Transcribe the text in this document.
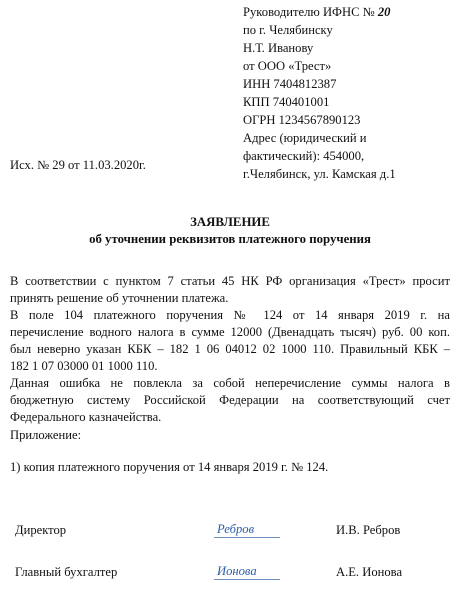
Руководителю ИФНС № 20
по г. Челябинску
Н.Т. Иванову
от ООО «Трест»
ИНН 7404812387
КПП 740401001
ОГРН 1234567890123
Адрес (юридический и
фактический): 454000,
г.Челябинск, ул. Камская д.1
Исх. № 29 от 11.03.2020г.
ЗАЯВЛЕНИЕ
об уточнении реквизитов платежного поручения
В соответствии с пунктом 7 статьи 45 НК РФ организация «Трест» просит
принять решение об уточнении платежа.
В поле 104 платежного поручения № 124 от 14 января 2019 г. на
перечисление водного налога в сумме 12000 (Двенадцать тысяч) руб. 00 коп.
был неверно указан КБК – 182 1 06 04012 02 1000 110. Правильный КБК –
182 1 07 03000 01 1000 110.
Данная ошибка не повлекла за собой неперечисление суммы налога в
бюджетную систему Российской Федерации на соответствующий счет
Федерального казначейства.
Приложение:
1) копия платежного поручения от 14 января 2019 г. № 124.
Директор	Ребров	И.В. Ребров
Главный бухгалтер	Ионова	А.Е. Ионова
